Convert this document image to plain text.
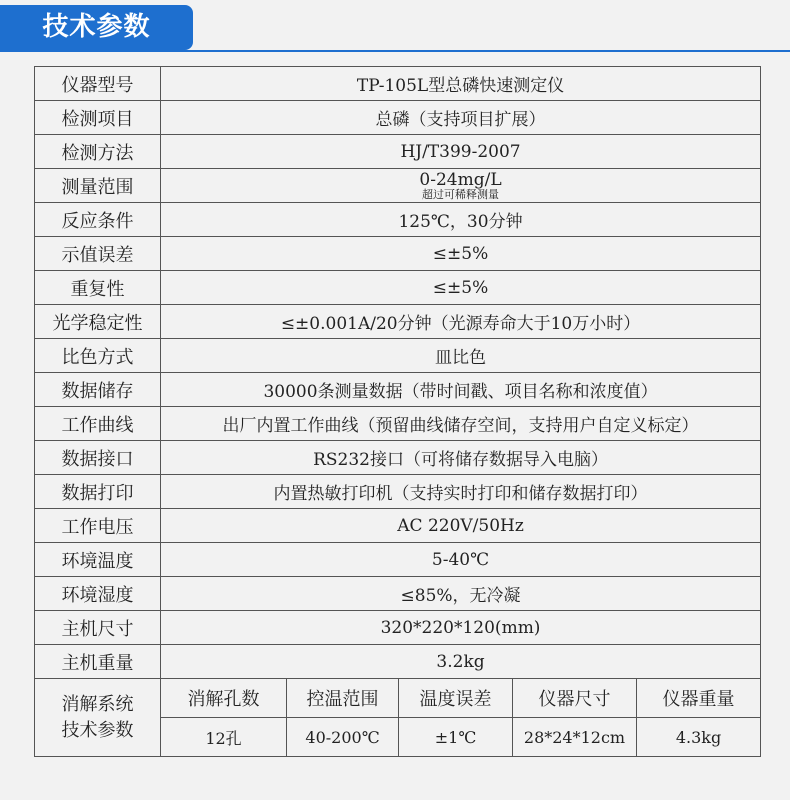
技术参数
仪器型号	TP-105L型总磷快速测定仪				
检测项目	总磷（支持项目扩展）				
检测方法	HJ/T399-2007				
测量范围	0-24mg/L
超过可稀释测量				

反应条件	125℃，30分钟				
示值误差	≤±5%				
重复性	≤±5%				
光学稳定性	≤±0.001A/20分钟（光源寿命大于10万小时）				
比色方式	皿比色				
数据储存	30000条测量数据（带时间戳、项目名称和浓度值）				
工作曲线	出厂内置工作曲线（预留曲线储存空间，支持用户自定义标定）				
数据接口	RS232接口（可将储存数据导入电脑）				
数据打印	内置热敏打印机（支持实时打印和储存数据打印）				
工作电压	AC 220V/50Hz				
环境温度	5-40℃				
环境湿度	≤85%，无冷凝				
主机尺寸	320*220*120(mm)				
主机重量	3.2kg				
消解系统
技术参数	消解孔数	控温范围	温度误差	仪器尺寸	仪器重量
	12孔	40-200℃	±1℃	28*24*12cm	4.3kg
